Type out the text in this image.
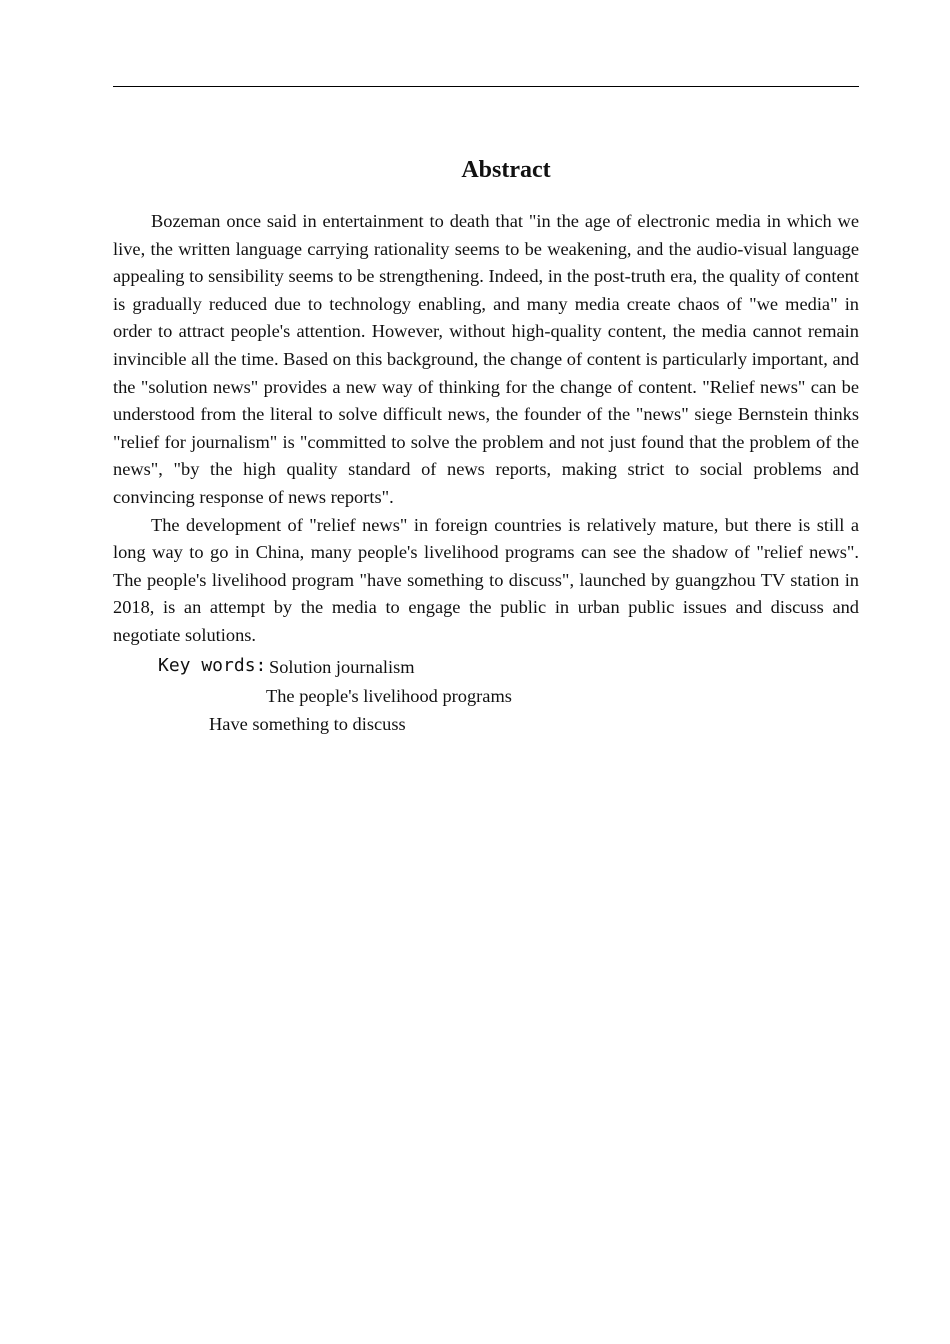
Abstract

Bozeman once said in entertainment to death that "in the age of electronic media in which we live, the written language carrying rationality seems to be weakening, and the audio-visual language appealing to sensibility seems to be strengthening. Indeed, in the post-truth era, the quality of content is gradually reduced due to technology enabling, and many media create chaos of "we media" in order to attract people's attention. However, without high-quality content, the media cannot remain invincible all the time. Based on this background, the change of content is particularly important, and the "solution news" provides a new way of thinking for the change of content. "Relief news" can be understood from the literal to solve difficult news, the founder of the "news" siege Bernstein thinks "relief for journalism" is "committed to solve the problem and not just found that the problem of the news", "by the high quality standard of news reports, making strict to social problems and convincing response of news reports".

The development of "relief news" in foreign countries is relatively mature, but there is still a long way to go in China, many people's livelihood programs can see the shadow of "relief news". The people's livelihood program "have something to discuss", launched by guangzhou TV station in 2018, is an attempt by the media to engage the public in urban public issues and discuss and negotiate solutions.

Key words: Solution journalism
The people's livelihood programs
Have something to discuss
